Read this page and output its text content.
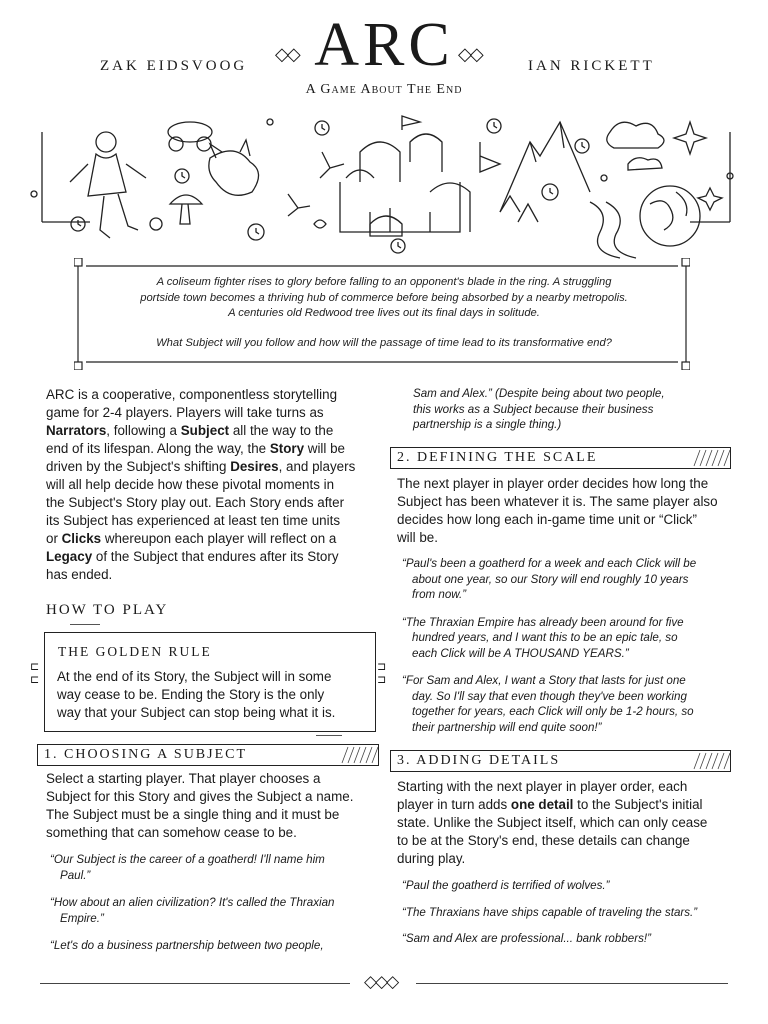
ZAK EIDSVOOG
◇◇ ARC ◇◇
IAN RICKETT
A Game About The End
A coliseum fighter rises to glory before falling to an opponent's blade in the ring. A struggling
portside town becomes a thriving hub of commerce before being absorbed by a nearby metropolis.
A centuries old Redwood tree lives out its final days in solitude.
What Subject will you follow and how will the passage of time lead to its transformative end?
ARC is a cooperative, componentless storytelling
game for 2-4 players. Players will take turns as
Narrators, following a Subject all the way to the
end of its lifespan. Along the way, the Story will be
driven by the Subject's shifting Desires, and players
will all help decide how these pivotal moments in
the Subject's Story play out. Each Story ends after
its Subject has experienced at least ten time units
or Clicks whereupon each player will reflect on a
Legacy of the Subject that endures after its Story
has ended.
HOW TO PLAY
⊏
⊏
⊐
⊐
THE GOLDEN RULE
At the end of its Story, the Subject will in some
way cease to be. Ending the Story is the only
way that your Subject can stop being what it is.
1. CHOOSING A SUBJECT
Select a starting player. That player chooses a
Subject for this Story and gives the Subject a name.
The Subject must be a single thing and it must be
something that can somehow cease to be.
“Our Subject is the career of a goatherd! I'll name him
Paul.”
“How about an alien civilization? It's called the Thraxian
Empire.”
“Let's do a business partnership between two people,
Sam and Alex.” (Despite being about two people,
this works as a Subject because their business
partnership is a single thing.)
2. DEFINING THE SCALE
The next player in player order decides how long the
Subject has been whatever it is. The same player also
decides how long each in-game time unit or “Click”
will be.
“Paul's been a goatherd for a week and each Click will be
about one year, so our Story will end roughly 10 years
from now.”
“The Thraxian Empire has already been around for five
hundred years, and I want this to be an epic tale, so
each Click will be A THOUSAND YEARS.”
“For Sam and Alex, I want a Story that lasts for just one
day. So I'll say that even though they've been working
together for years, each Click will only be 1-2 hours, so
their partnership will end quite soon!”
3. ADDING DETAILS
Starting with the next player in player order, each
player in turn adds one detail to the Subject's initial
state. Unlike the Subject itself, which can only cease
to be at the Story's end, these details can change
during play.
“Paul the goatherd is terrified of wolves.”
“The Thraxians have ships capable of traveling the stars.”
“Sam and Alex are professional... bank robbers!”
◇◇◇
